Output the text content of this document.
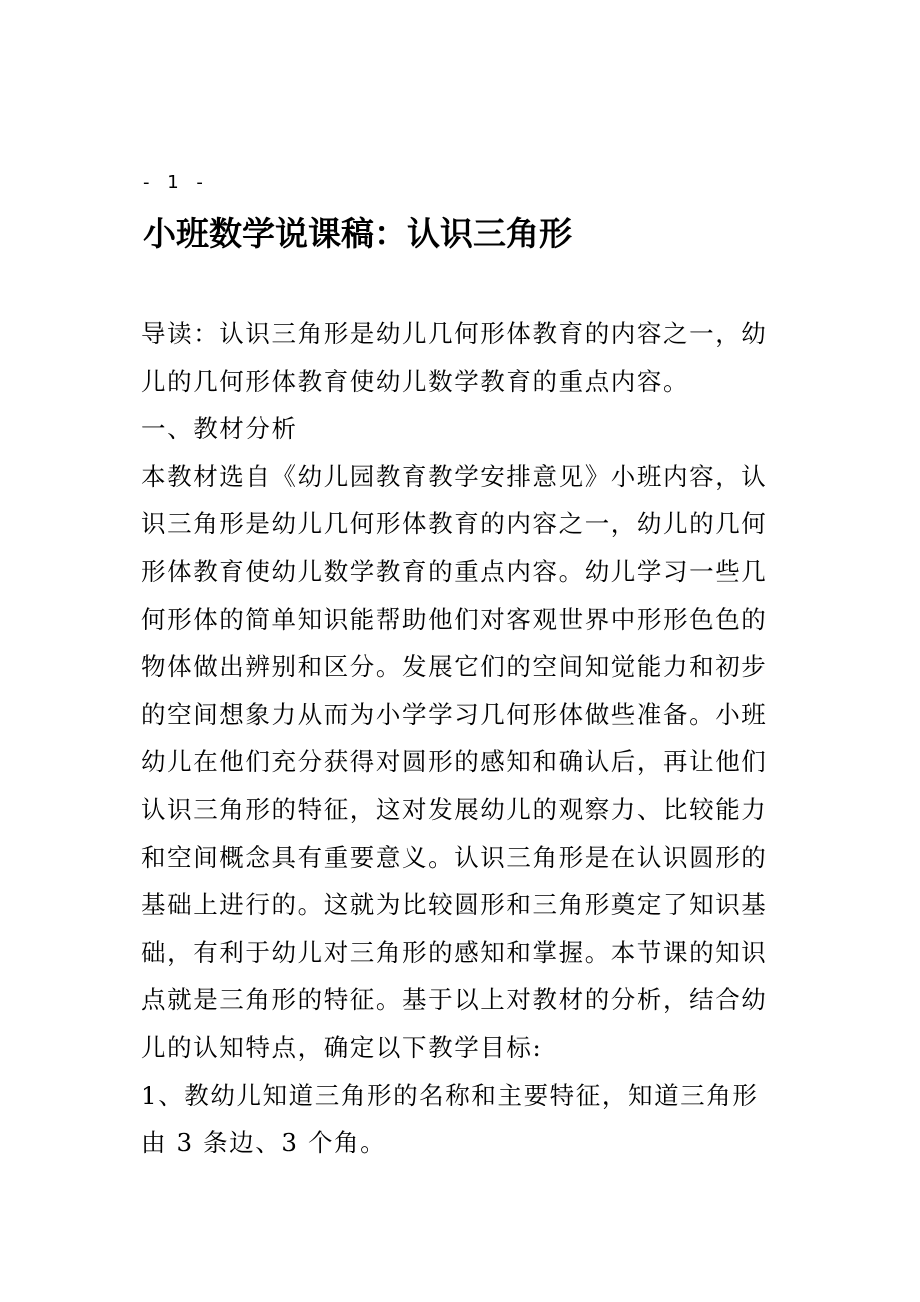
- 1 -
小班数学说课稿：认识三角形

导读：认识三角形是幼儿几何形体教育的内容之一，幼儿的几何形体教育使幼儿数学教育的重点内容。

一、教材分析

本教材选自《幼儿园教育教学安排意见》小班内容，认识三角形是幼儿几何形体教育的内容之一，幼儿的几何形体教育使幼儿数学教育的重点内容。幼儿学习一些几何形体的简单知识能帮助他们对客观世界中形形色色的物体做出辨别和区分。发展它们的空间知觉能力和初步的空间想象力从而为小学学习几何形体做些准备。小班幼儿在他们充分获得对圆形的感知和确认后，再让他们认识三角形的特征，这对发展幼儿的观察力、比较能力和空间概念具有重要意义。认识三角形是在认识圆形的基础上进行的。这就为比较圆形和三角形奠定了知识基础，有利于幼儿对三角形的感知和掌握。本节课的知识点就是三角形的特征。基于以上对教材的分析，结合幼儿的认知特点，确定以下教学目标:

1、教幼儿知道三角形的名称和主要特征，知道三角形由 3 条边、3 个角。
